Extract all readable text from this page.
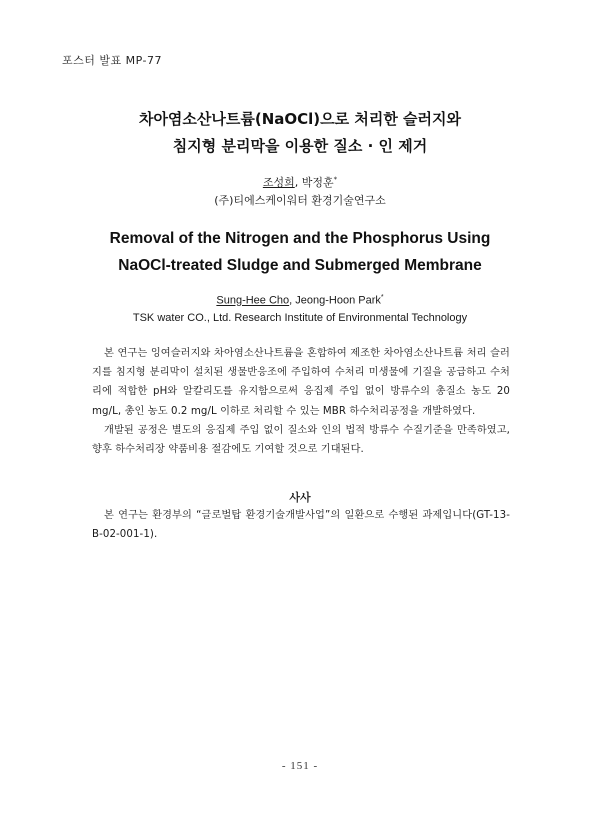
포스터 발표 MP-77
차아염소산나트륨(NaOCl)으로 처리한 슬러지와
침지형 분리막을 이용한 질소 · 인 제거
조성희, 박정훈*
(주)티에스케이워터 환경기술연구소
Removal of the Nitrogen and the Phosphorus Using
NaOCl-treated Sludge and Submerged Membrane
Sung-Hee Cho, Jeong-Hoon Park*
TSK water CO., Ltd. Research Institute of Environmental Technology

본 연구는 잉여슬러지와 차아염소산나트륨을 혼합하여 제조한 차아염소산나트륨 처리 슬러지를 침지형 분리막이 설치된 생물반응조에 주입하여 수처리 미생물에 기질을 공급하고 수처리에 적합한 pH와 알칼리도를 유지함으로써 응집제 주입 없이 방류수의 총질소 농도 20 mg/L, 총인 농도 0.2 mg/L 이하로 처리할 수 있는 MBR 하수처리공정을 개발하였다.

개발된 공정은 별도의 응집제 주입 없이 질소와 인의 법적 방류수 수질기준을 만족하였고, 향후 하수처리장 약품비용 절감에도 기여할 것으로 기대된다.

사사

본 연구는 환경부의 “글로벌탑 환경기술개발사업”의 일환으로 수행된 과제입니다(GT-13-B-02-001-1).

- 151 -
